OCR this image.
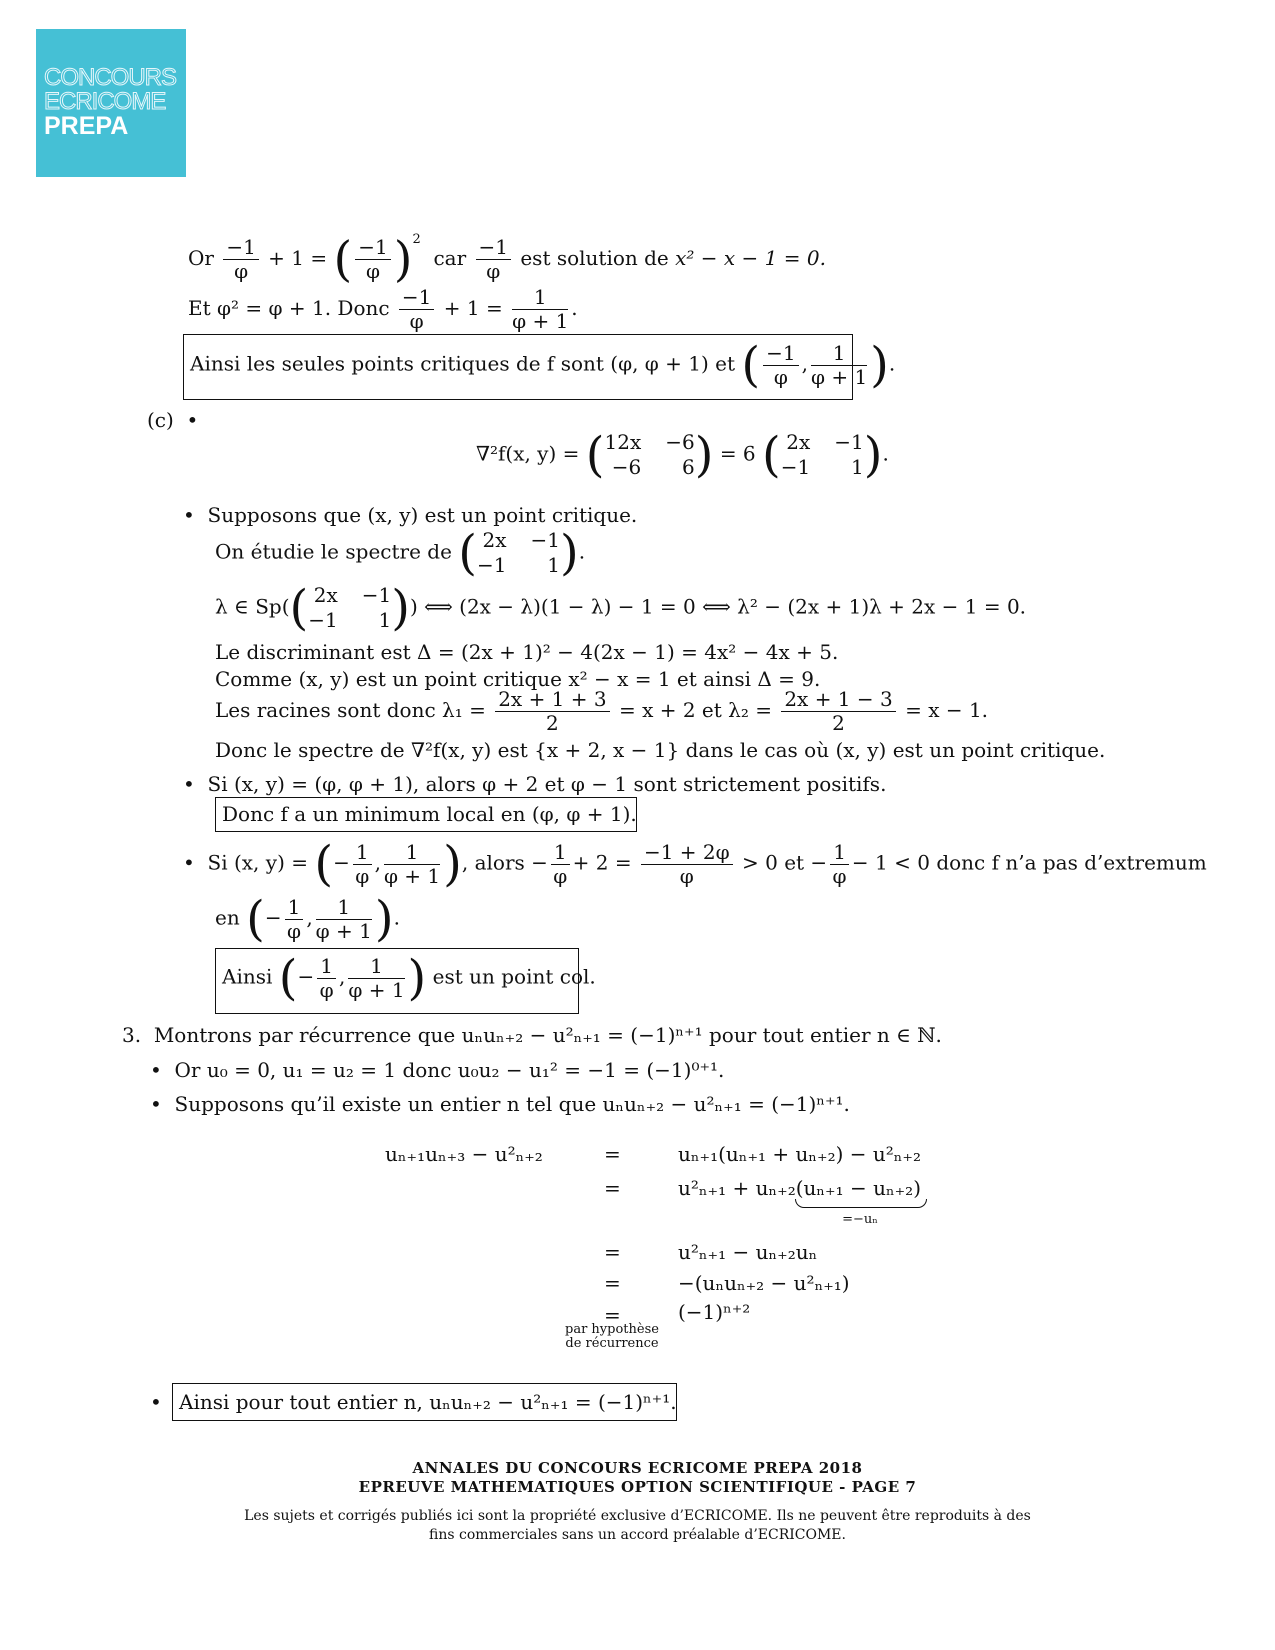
CONCOURS
ECRICOME
PREPA
Or $\frac{-1}{\varphi} + 1$ = ( $\frac{-1}{\varphi} )^2$  car $\frac{-1}{\varphi}$ est solution de x² − x − 1 = 0.
Et φ² = φ + 1. Donc $\frac{-1}{\varphi} + 1 = \frac{1}{\varphi + 1}$ .
Ainsi les seules points critiques de f sont (φ, φ + 1) et ( $\frac{-1}{\varphi}$ , $\frac{1}{\varphi + 1}$ ).
(c)  •
∇²f(x, y) = ( 12x −6
−6	6 ) = 6 ( 2x −1
−1	1 ).
•  Supposons que (x, y) est un point critique.
On étudie le spectre de ( 2x −1
−1	1 ).
λ ∈ Sp(( 2x −1
−1	1 )) ⟺ (2x − λ)(1 − λ) − 1 = 0 ⟺ λ² − (2x + 1)λ + 2x − 1 = 0.
Le discriminant est Δ = (2x + 1)² − 4(2x − 1) = 4x² − 4x + 5.
Comme (x, y) est un point critique x² − x = 1 et ainsi Δ = 9.
Les racines sont donc $\lambda_1 = \frac{2x + 1 + 3}{2} = x + 2$ et $\lambda_2 = \frac{2x + 1 - 3}{2} = x - 1$.
Donc le spectre de ∇²f(x, y) est {x + 2, x − 1} dans le cas où (x, y) est un point critique.
•  Si (x, y) = (φ, φ + 1), alors φ + 2 et φ − 1 sont strictement positifs.
Donc f a un minimum local en (φ, φ + 1).
•  Si (x, y) = (− $\frac{1}{\varphi}$ , $\frac{1}{\varphi + 1}$ ), alors − $\frac{1}{\varphi} + 2 = \frac{-1 + 2\varphi}{\varphi} > 0$ et − $\frac{1}{\varphi} - 1 < 0$ donc f n’a pas d’extremum
en (− $\frac{1}{\varphi}$ , $\frac{1}{\varphi + 1}$ ).
Ainsi (− $\frac{1}{\varphi}$ , $\frac{1}{\varphi + 1}$ ) est un point col.
3. Montrons par récurrence que uₙuₙ₊₂ − u²ₙ₊₁ = (−1)ⁿ⁺¹ pour tout entier n ∈ ℕ.
•  Or u₀ = 0, u₁ = u₂ = 1 donc u₀u₂ − u₁² = −1 = (−1)⁰⁺¹.
•  Supposons qu’il existe un entier n tel que uₙuₙ₊₂ − u²ₙ₊₁ = (−1)ⁿ⁺¹.
uₙ₊₁uₙ₊₃ − u²ₙ₊₂	=	uₙ₊₁(uₙ₊₁ + uₙ₊₂) − u²ₙ₊₂
=	u²ₙ₊₁ + uₙ₊₂(uₙ₊₁ − uₙ₊₂)
=−uₙ
=	u²ₙ₊₁ − uₙ₊₂uₙ
=	−(uₙuₙ₊₂ − u²ₙ₊₁)
=	(−1)ⁿ⁺²
par hypothèse
de récurrence
• Ainsi pour tout entier n, uₙuₙ₊₂ − u²ₙ₊₁ = (−1)ⁿ⁺¹.
ANNALES DU CONCOURS ECRICOME PREPA 2018
EPREUVE MATHEMATIQUES OPTION SCIENTIFIQUE - PAGE 7
Les sujets et corrigés publiés ici sont la propriété exclusive d’ECRICOME. Ils ne peuvent être reproduits à des
fins commerciales sans un accord préalable d’ECRICOME.
